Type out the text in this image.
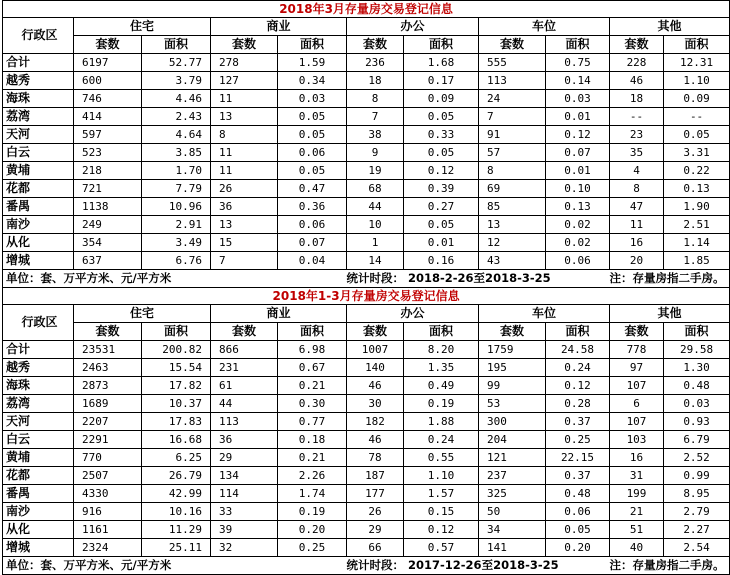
2018年3月存量房交易登记信息										
行政区	住宅		商业		办公		车位		其他	
	套数	面积	套数	面积	套数	面积	套数	面积	套数	面积
合计	6197	52.77	278	1.59	236	1.68	555	0.75	228	12.31
越秀	600	3.79	127	0.34	18	0.17	113	0.14	46	1.10
海珠	746	4.46	11	0.03	8	0.09	24	0.03	18	0.09
荔湾	414	2.43	13	0.05	7	0.05	7	0.01	--	--
天河	597	4.64	8	0.05	38	0.33	91	0.12	23	0.05
白云	523	3.85	11	0.06	9	0.05	57	0.07	35	3.31
黄埔	218	1.70	11	0.05	19	0.12	8	0.01	4	0.22
花都	721	7.79	26	0.47	68	0.39	69	0.10	8	0.13
番禺	1138	10.96	36	0.36	44	0.27	85	0.13	47	1.90
南沙	249	2.91	13	0.06	10	0.05	13	0.02	11	2.51
从化	354	3.49	15	0.07	1	0.01	12	0.02	16	1.14
增城	637	6.76	7	0.04	14	0.16	43	0.06	20	1.85
单位：套、万平方米、元/平方米					统计时段： 2018-2-26至2018-3-25				注：存量房指二手房。	
2018年1-3月存量房交易登记信息										
行政区	住宅		商业		办公		车位		其他	
	套数	面积	套数	面积	套数	面积	套数	面积	套数	面积
合计	23531	200.82	866	6.98	1007	8.20	1759	24.58	778	29.58
越秀	2463	15.54	231	0.67	140	1.35	195	0.24	97	1.30
海珠	2873	17.82	61	0.21	46	0.49	99	0.12	107	0.48
荔湾	1689	10.37	44	0.30	30	0.19	53	0.28	6	0.03
天河	2207	17.83	113	0.77	182	1.88	300	0.37	107	0.93
白云	2291	16.68	36	0.18	46	0.24	204	0.25	103	6.79
黄埔	770	6.25	29	0.21	78	0.55	121	22.15	16	2.52
花都	2507	26.79	134	2.26	187	1.10	237	0.37	31	0.99
番禺	4330	42.99	114	1.74	177	1.57	325	0.48	199	8.95
南沙	916	10.16	33	0.19	26	0.15	50	0.06	21	2.79
从化	1161	11.29	39	0.20	29	0.12	34	0.05	51	2.27
增城	2324	25.11	32	0.25	66	0.57	141	0.20	40	2.54
单位：套、万平方米、元/平方米					统计时段： 2017-12-26至2018-3-25				注：存量房指二手房。	
